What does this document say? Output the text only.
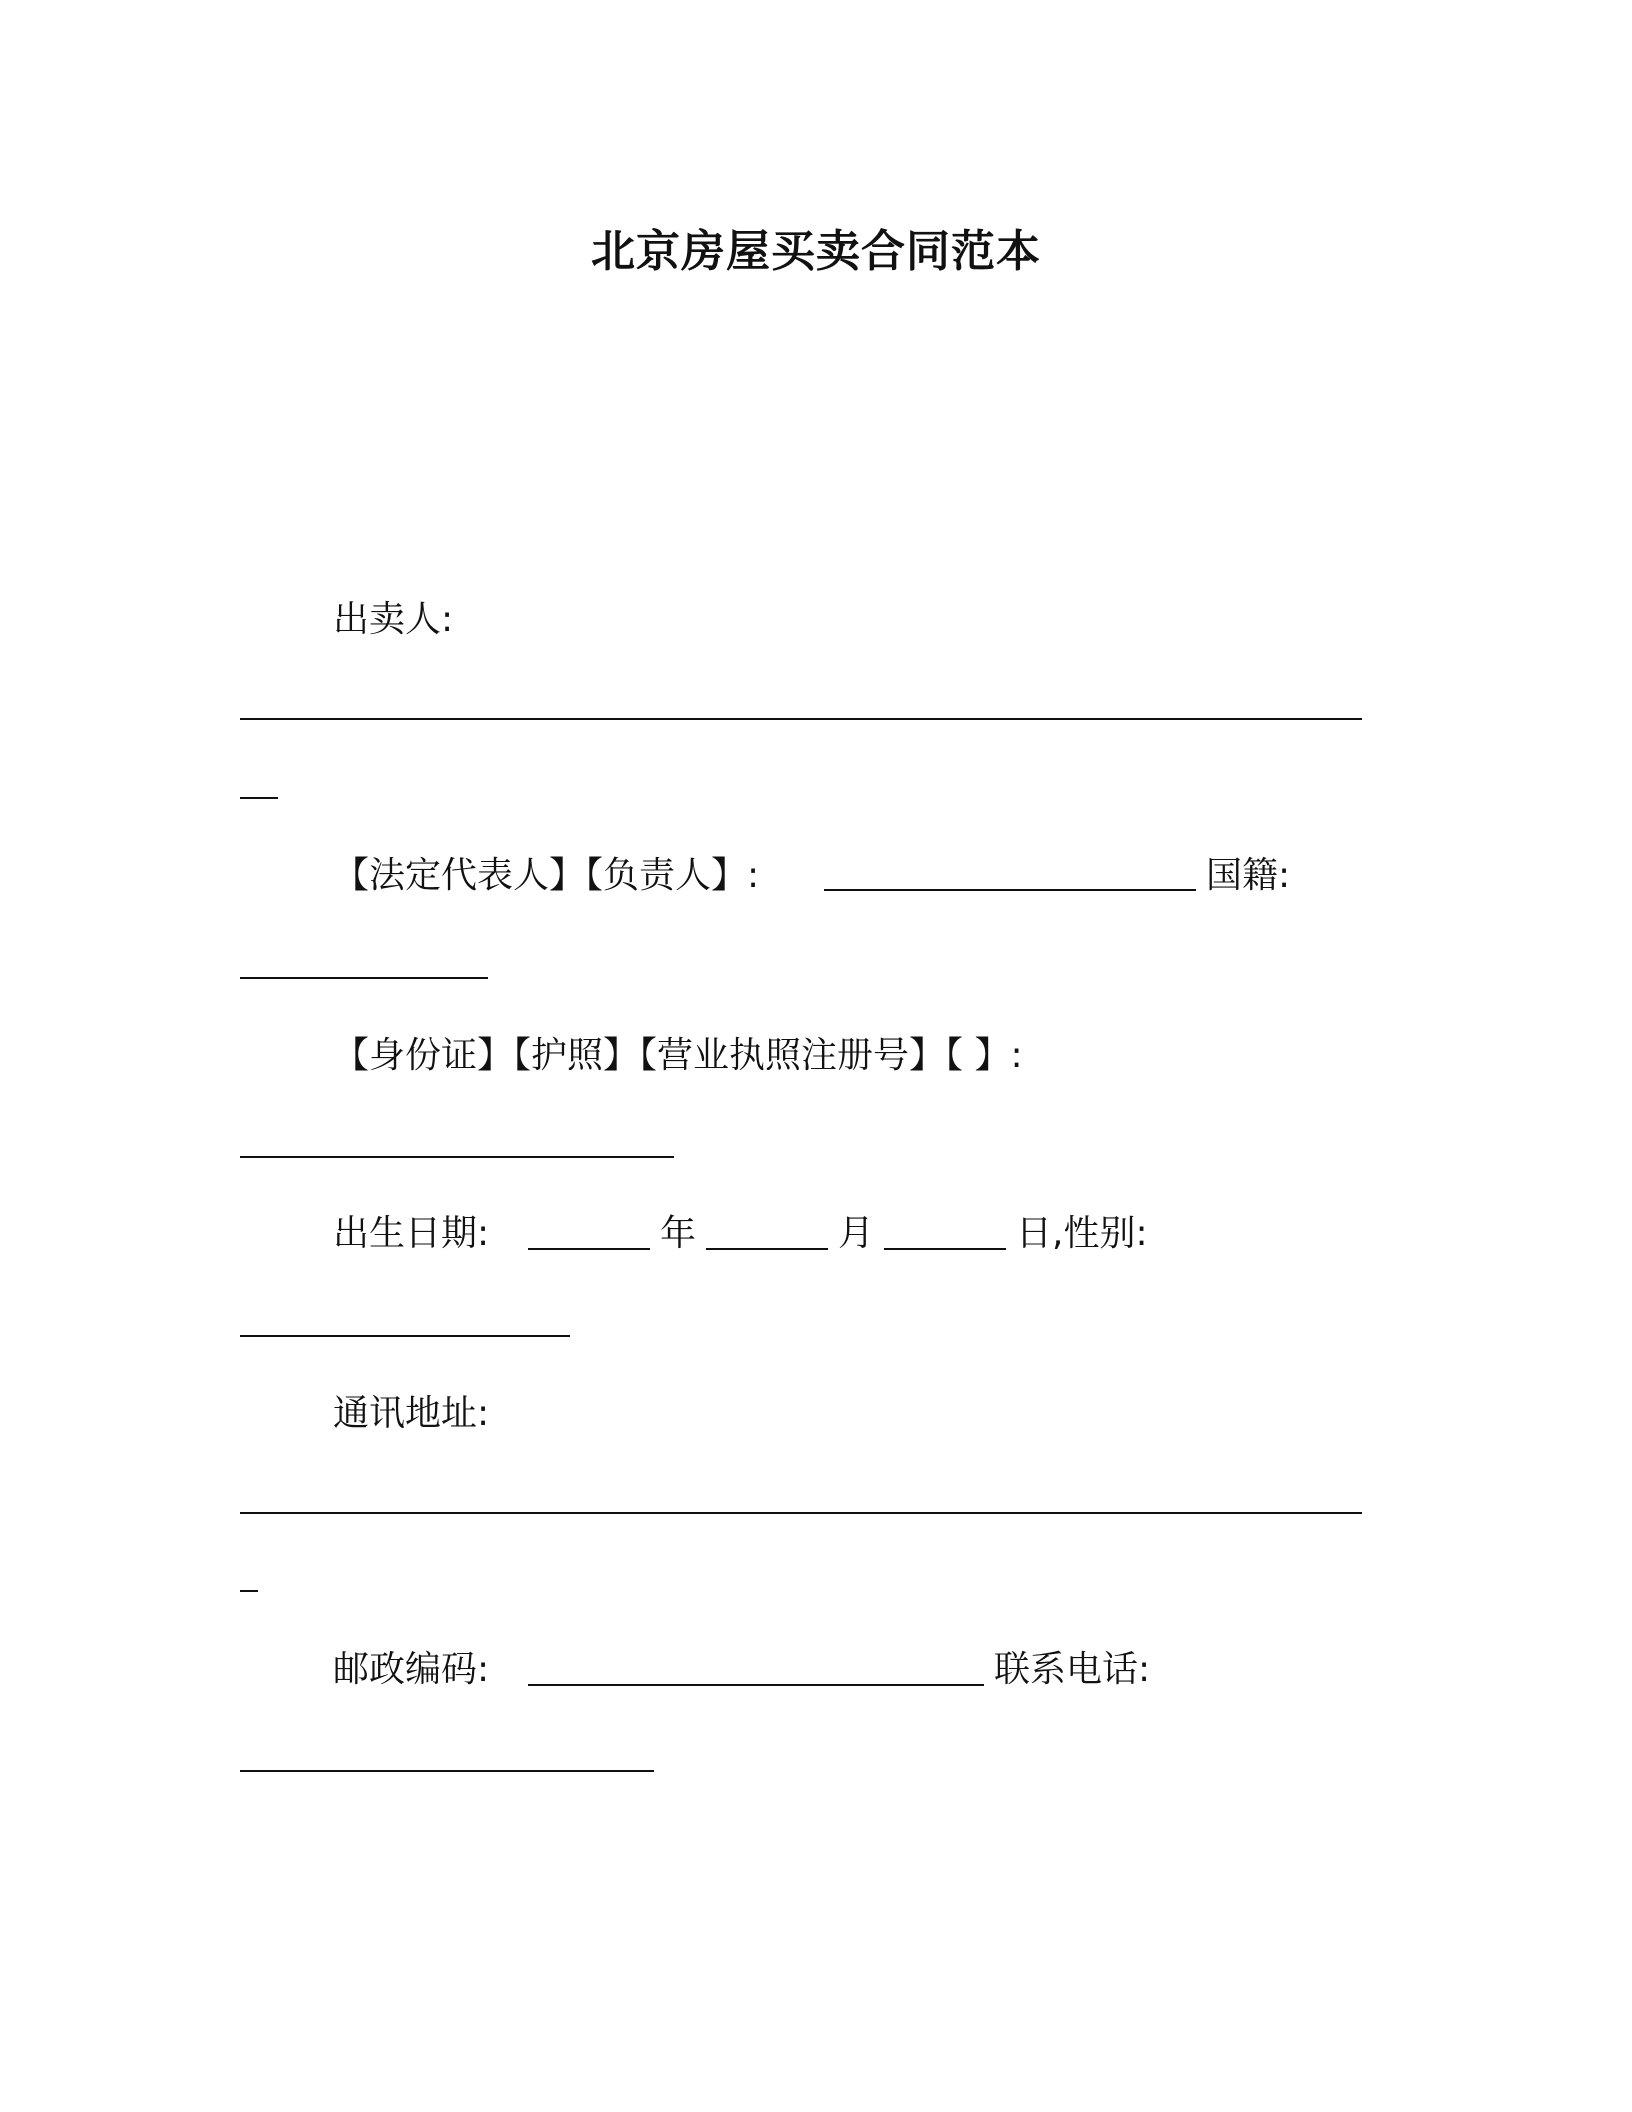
北京房屋买卖合同范本
出卖人:
【法定代表人】【负责人】:	国籍:
【身份证】【护照】【营业执照注册号】【 】:
出生日期:	年	月	日,性别:
通讯地址:
邮政编码:	联系电话:
